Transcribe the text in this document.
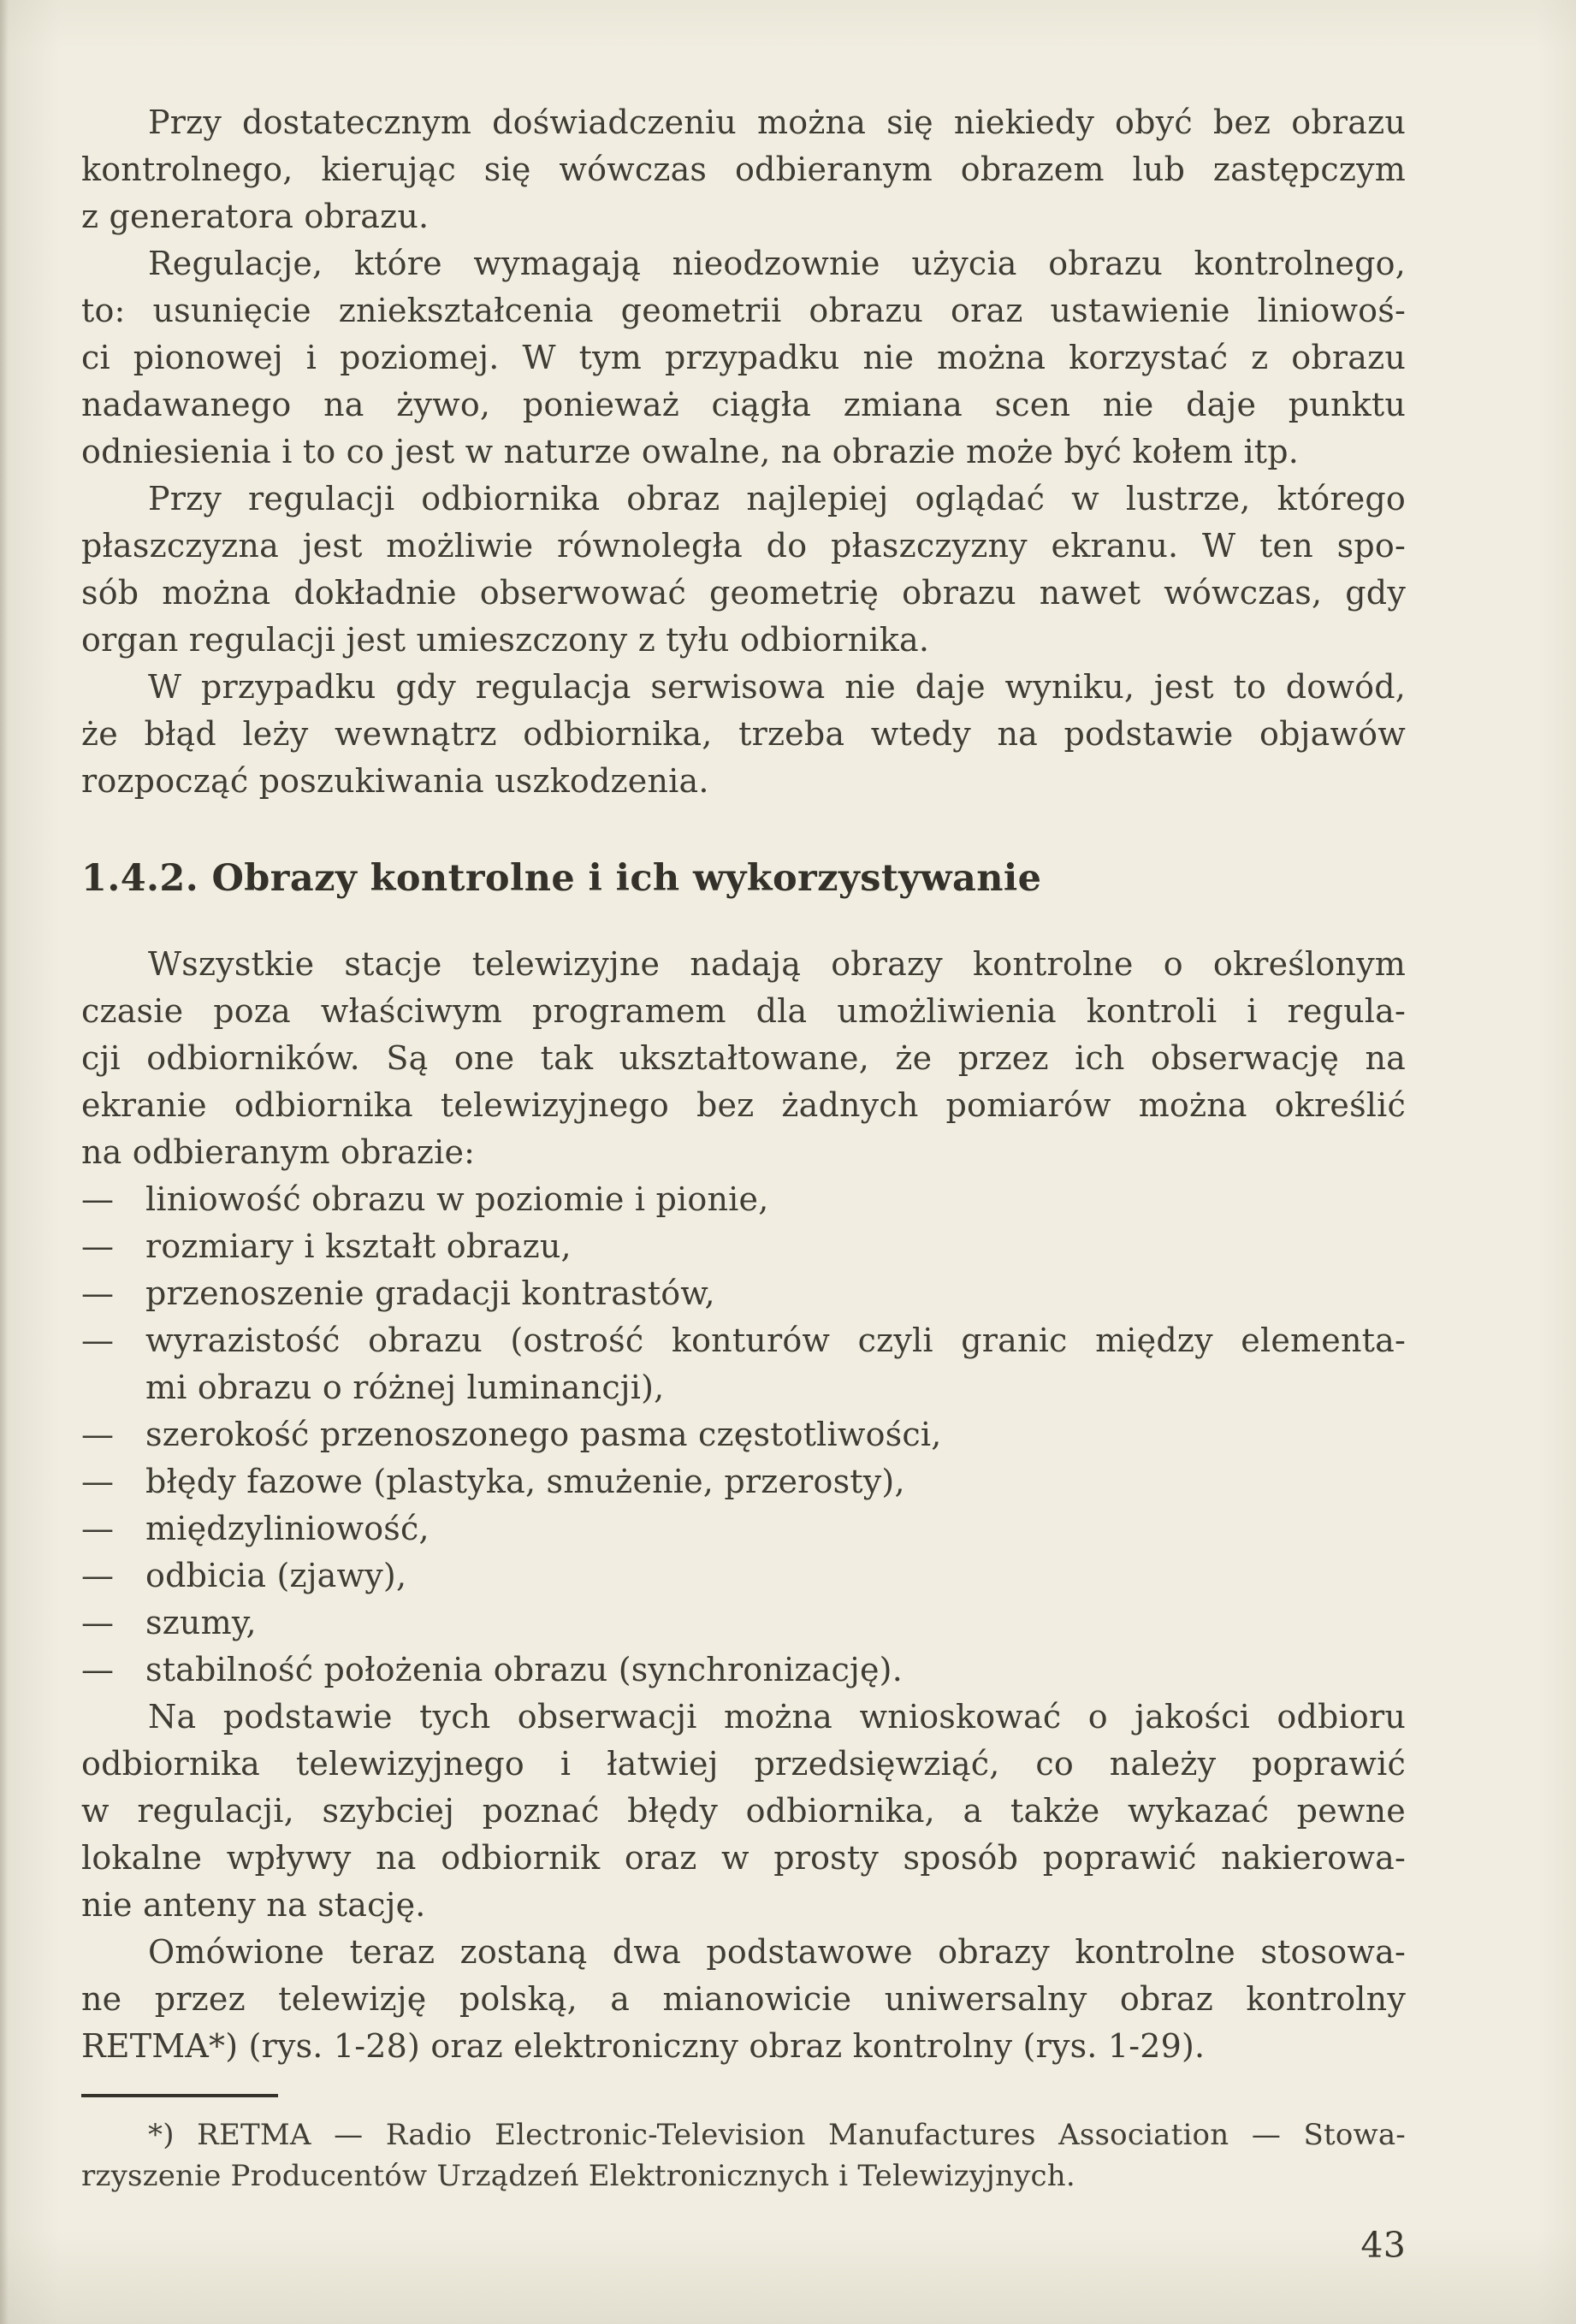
Przy dostatecznym doświadczeniu można się niekiedy obyć bez obrazu
kontrolnego, kierując się wówczas odbieranym obrazem lub zastępczym
z generatora obrazu.
Regulacje, które wymagają nieodzownie użycia obrazu kontrolnego,
to: usunięcie zniekształcenia geometrii obrazu oraz ustawienie liniowoś-
ci pionowej i poziomej. W tym przypadku nie można korzystać z obrazu
nadawanego na żywo, ponieważ ciągła zmiana scen nie daje punktu
odniesienia i to co jest w naturze owalne, na obrazie może być kołem itp.
Przy regulacji odbiornika obraz najlepiej oglądać w lustrze, którego
płaszczyzna jest możliwie równoległa do płaszczyzny ekranu. W ten spo-
sób można dokładnie obserwować geometrię obrazu nawet wówczas, gdy
organ regulacji jest umieszczony z tyłu odbiornika.
W przypadku gdy regulacja serwisowa nie daje wyniku, jest to dowód,
że błąd leży wewnątrz odbiornika, trzeba wtedy na podstawie objawów
rozpocząć poszukiwania uszkodzenia.
1.4.2. Obrazy kontrolne i ich wykorzystywanie
Wszystkie stacje telewizyjne nadają obrazy kontrolne o określonym
czasie poza właściwym programem dla umożliwienia kontroli i regula-
cji odbiorników. Są one tak ukształtowane, że przez ich obserwację na
ekranie odbiornika telewizyjnego bez żadnych pomiarów można określić
na odbieranym obrazie:
— liniowość obrazu w poziomie i pionie,
— rozmiary i kształt obrazu,
— przenoszenie gradacji kontrastów,
— wyrazistość obrazu (ostrość konturów czyli granic między elementa-
mi obrazu o różnej luminancji),
— szerokość przenoszonego pasma częstotliwości,
— błędy fazowe (plastyka, smużenie, przerosty),
— międzyliniowość,
— odbicia (zjawy),
— szumy,
— stabilność położenia obrazu (synchronizację).
Na podstawie tych obserwacji można wnioskować o jakości odbioru
odbiornika telewizyjnego i łatwiej przedsięwziąć, co należy poprawić
w regulacji, szybciej poznać błędy odbiornika, a także wykazać pewne
lokalne wpływy na odbiornik oraz w prosty sposób poprawić nakierowa-
nie anteny na stację.
Omówione teraz zostaną dwa podstawowe obrazy kontrolne stosowa-
ne przez telewizję polską, a mianowicie uniwersalny obraz kontrolny
RETMA*) (rys. 1-28) oraz elektroniczny obraz kontrolny (rys. 1-29).
*) RETMA — Radio Electronic-Television Manufactures Association — Stowa-
rzyszenie Producentów Urządzeń Elektronicznych i Telewizyjnych.
43
